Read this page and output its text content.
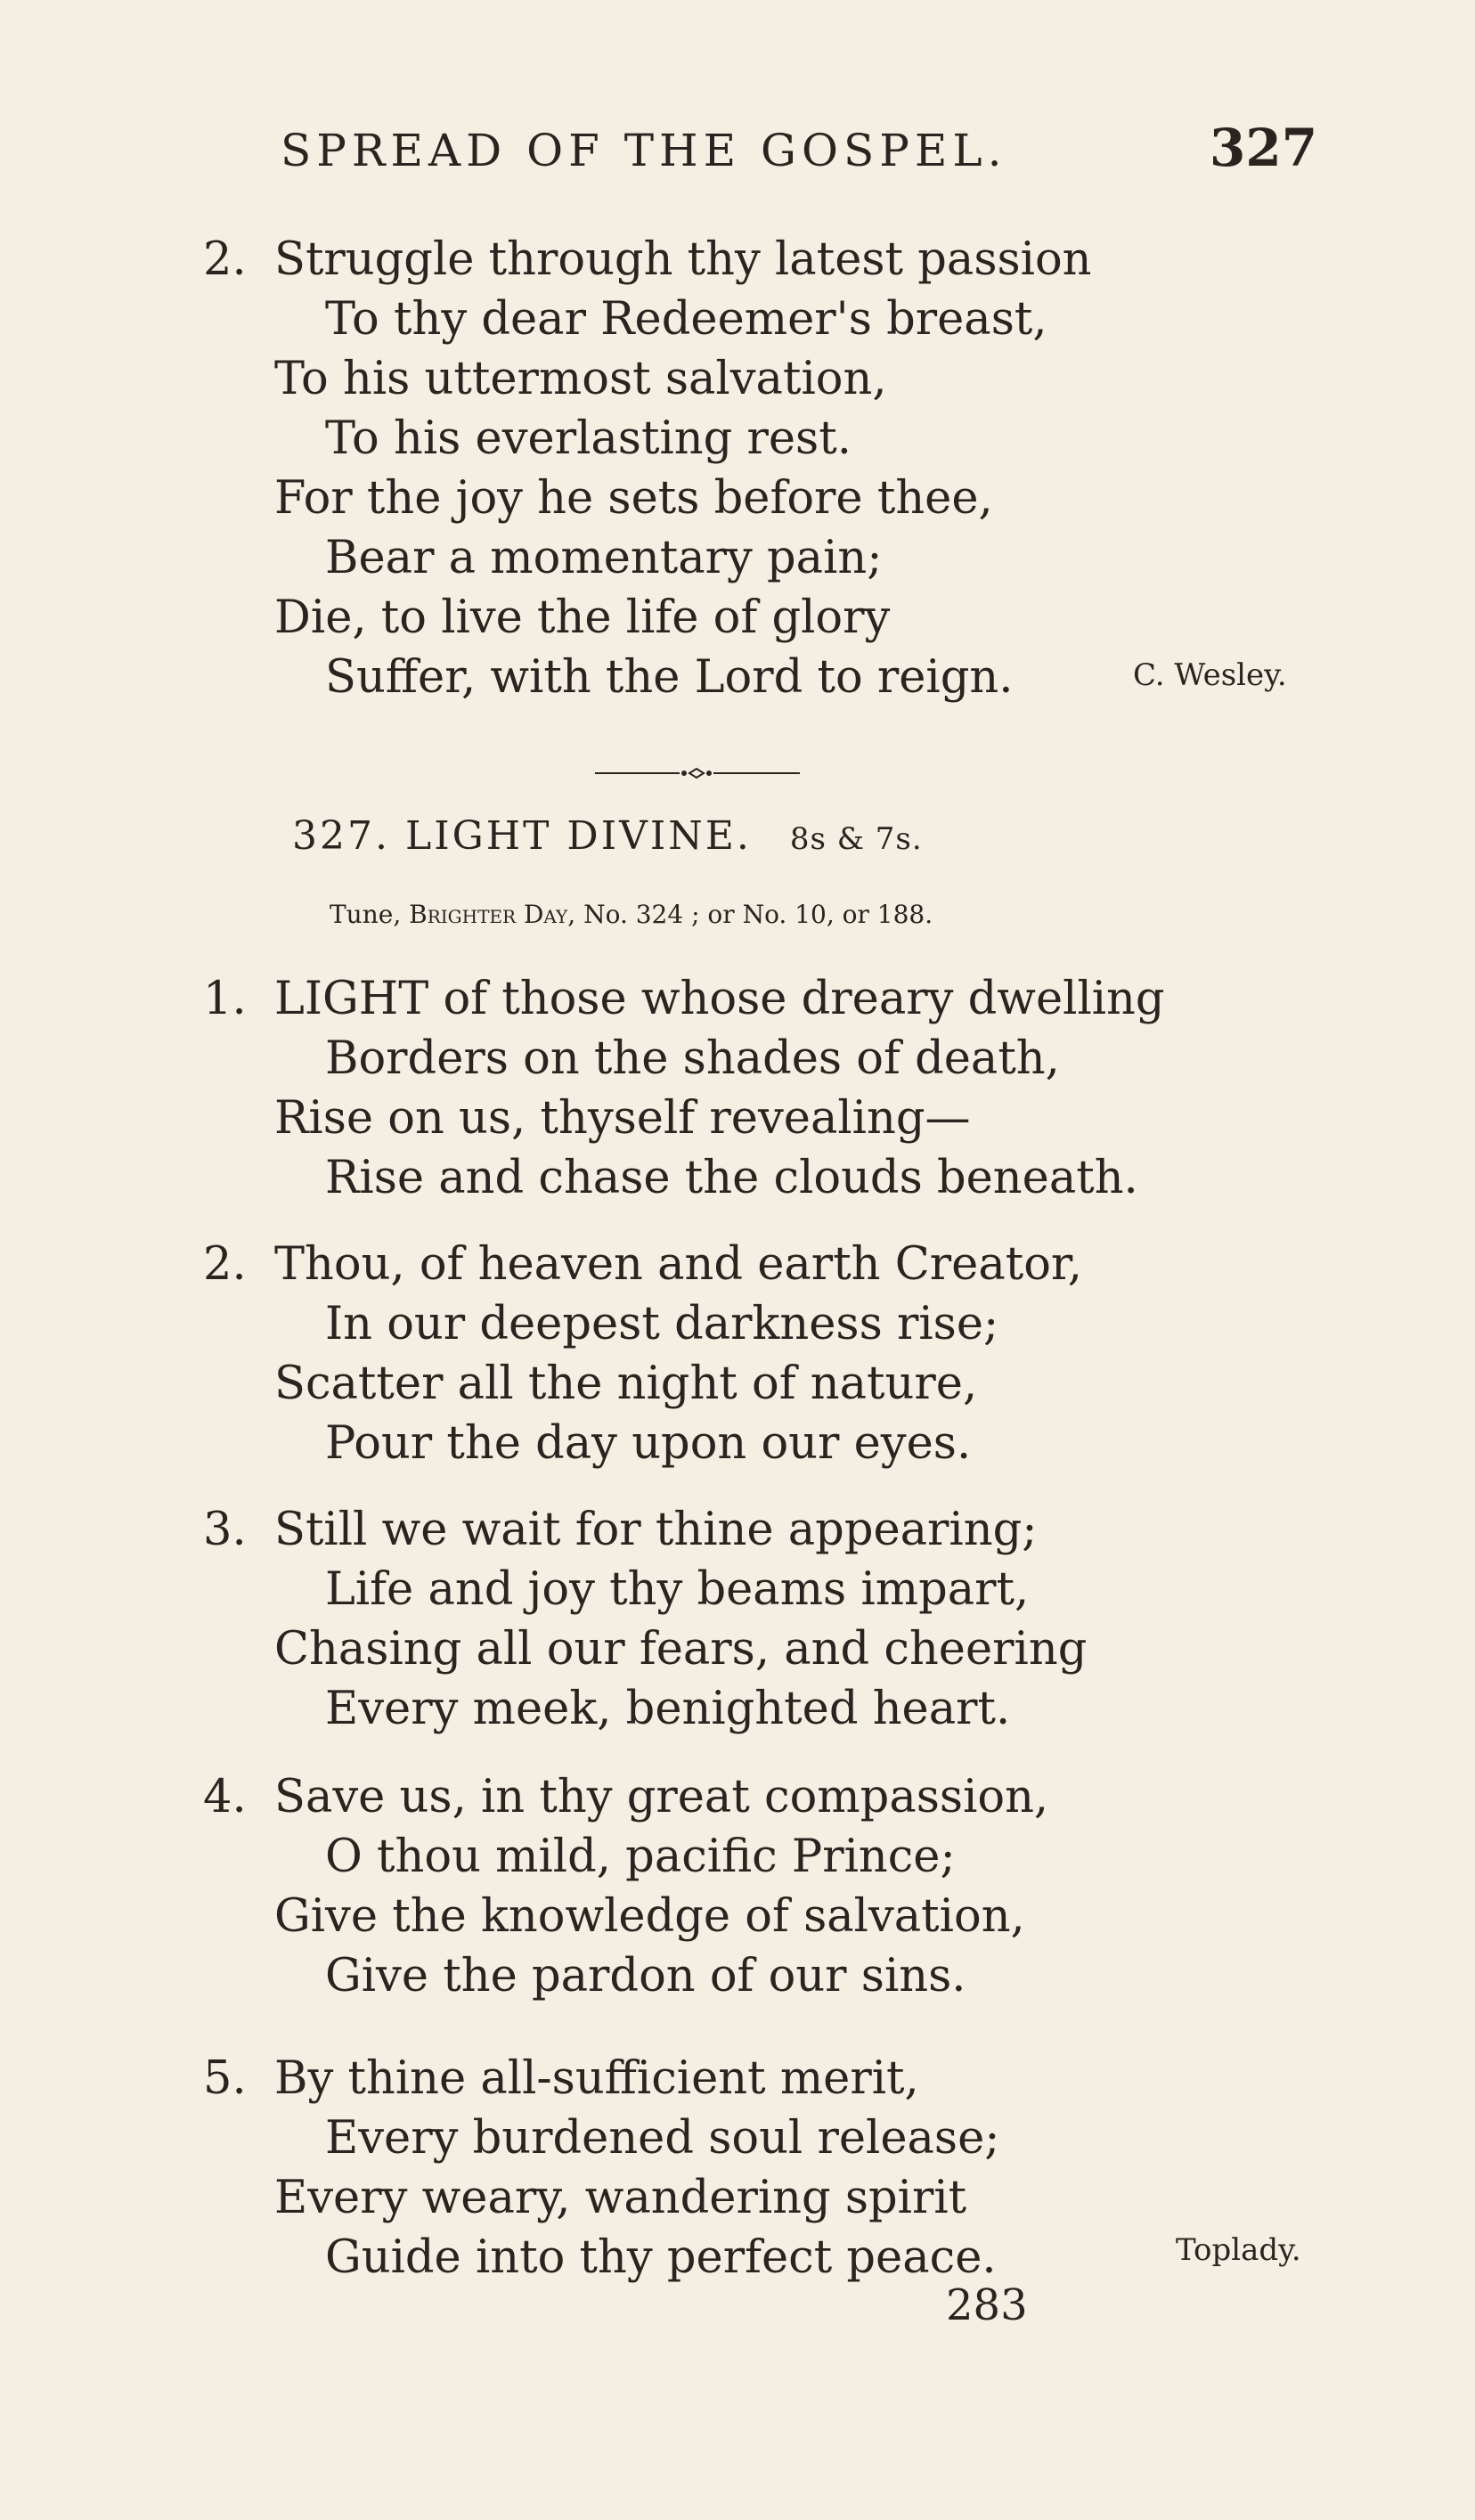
SPREAD OF THE GOSPEL.	327
2. Struggle through thy latest passion
To thy dear Redeemer's breast,
To his uttermost salvation,
To his everlasting rest.
For the joy he sets before thee,
Bear a momentary pain;
Die, to live the life of glory
Suffer, with the Lord to reign.	C. Wesley.
327. LIGHT DIVINE. 8s & 7s.
Tune, Brighter Day, No. 324 ; or No. 10, or 188.
1. LIGHT of those whose dreary dwelling
Borders on the shades of death,
Rise on us, thyself revealing—
Rise and chase the clouds beneath.
2. Thou, of heaven and earth Creator,
In our deepest darkness rise;
Scatter all the night of nature,
Pour the day upon our eyes.
3. Still we wait for thine appearing;
Life and joy thy beams impart,
Chasing all our fears, and cheering
Every meek, benighted heart.
4. Save us, in thy great compassion,
O thou mild, pacific Prince;
Give the knowledge of salvation,
Give the pardon of our sins.
5. By thine all-sufficient merit,
Every burdened soul release;
Every weary, wandering spirit
Guide into thy perfect peace.	Toplady.
283
